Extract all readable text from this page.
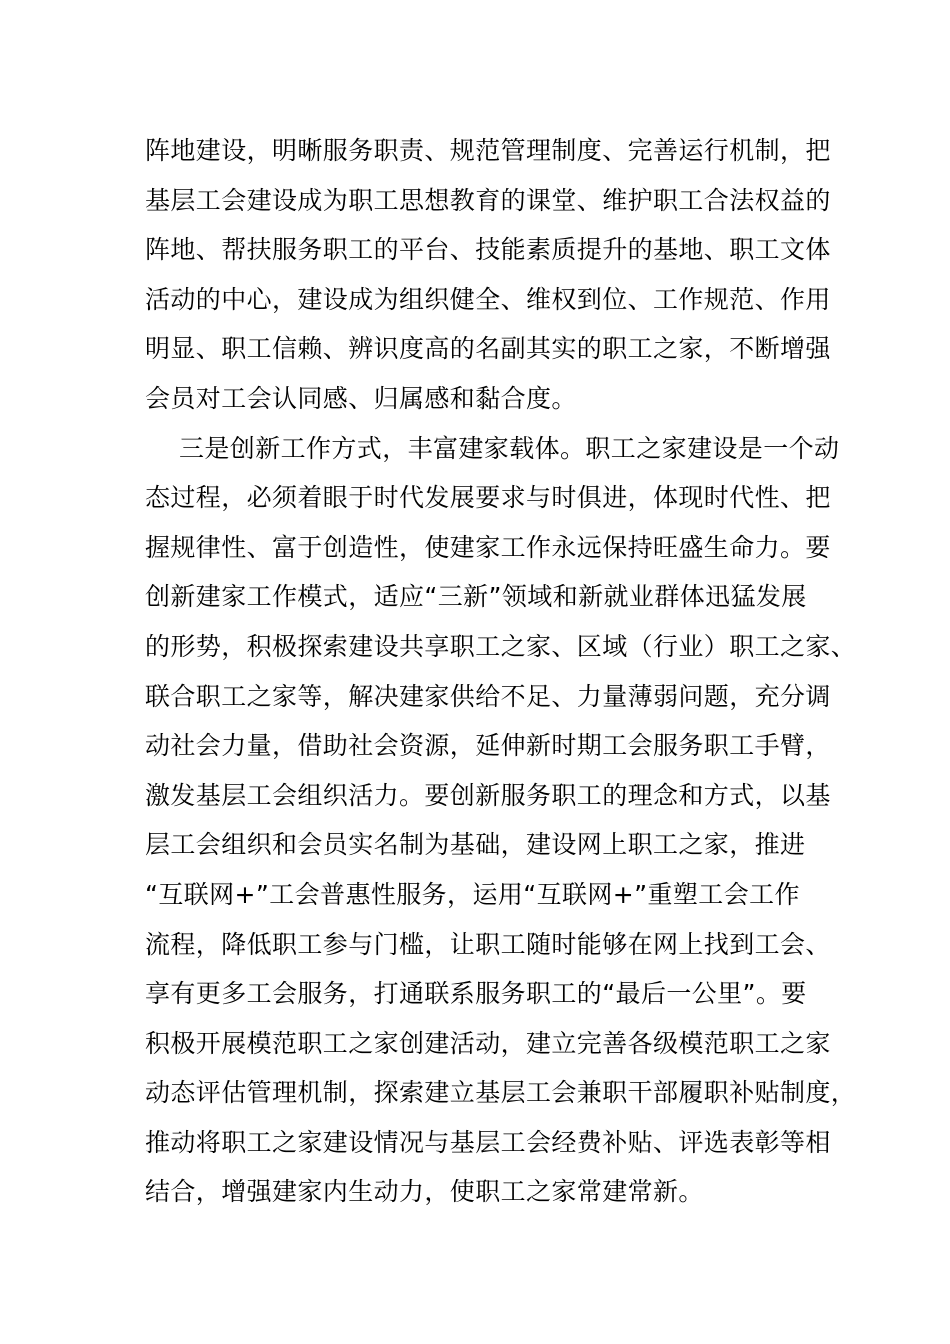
阵地建设，明晰服务职责、规范管理制度、完善运行机制，把
基层工会建设成为职工思想教育的课堂、维护职工合法权益的
阵地、帮扶服务职工的平台、技能素质提升的基地、职工文体
活动的中心，建设成为组织健全、维权到位、工作规范、作用
明显、职工信赖、辨识度高的名副其实的职工之家，不断增强
会员对工会认同感、归属感和黏合度。
三是创新工作方式，丰富建家载体。职工之家建设是一个动
态过程，必须着眼于时代发展要求与时俱进，体现时代性、把
握规律性、富于创造性，使建家工作永远保持旺盛生命力。要
创新建家工作模式，适应“三新”领域和新就业群体迅猛发展
的形势，积极探索建设共享职工之家、区域（行业）职工之家、
联合职工之家等，解决建家供给不足、力量薄弱问题，充分调
动社会力量，借助社会资源，延伸新时期工会服务职工手臂，
激发基层工会组织活力。要创新服务职工的理念和方式，以基
层工会组织和会员实名制为基础，建设网上职工之家，推进
“互联网+”工会普惠性服务，运用“互联网+”重塑工会工作
流程，降低职工参与门槛，让职工随时能够在网上找到工会、
享有更多工会服务，打通联系服务职工的“最后一公里”。要
积极开展模范职工之家创建活动，建立完善各级模范职工之家
动态评估管理机制，探索建立基层工会兼职干部履职补贴制度，
推动将职工之家建设情况与基层工会经费补贴、评选表彰等相
结合，增强建家内生动力，使职工之家常建常新。
